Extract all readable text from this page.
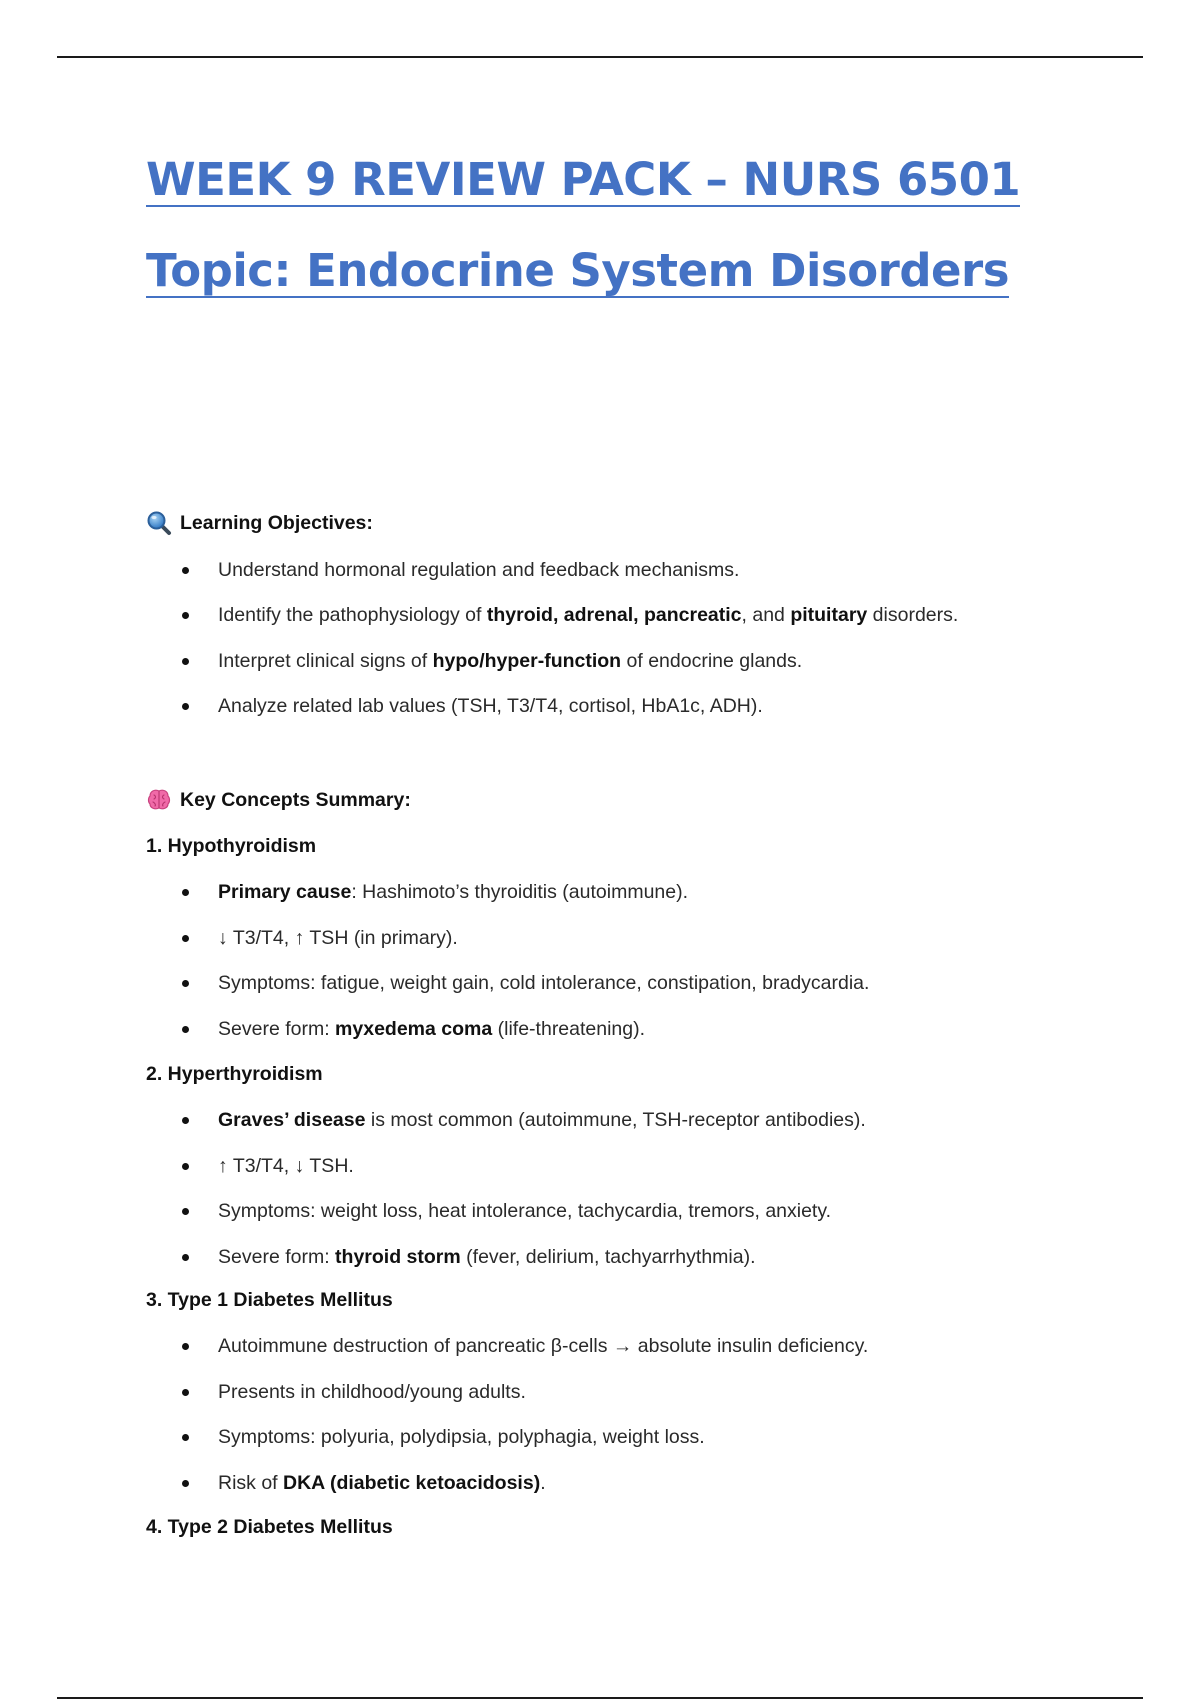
WEEK 9 REVIEW PACK – NURS 6501
Topic: Endocrine System Disorders
Learning Objectives:
Understand hormonal regulation and feedback mechanisms.
Identify the pathophysiology of thyroid, adrenal, pancreatic, and pituitary disorders.
Interpret clinical signs of hypo/hyper-function of endocrine glands.
Analyze related lab values (TSH, T3/T4, cortisol, HbA1c, ADH).
Key Concepts Summary:
1. Hypothyroidism
Primary cause: Hashimoto’s thyroiditis (autoimmune).
↓ T3/T4, ↑ TSH (in primary).
Symptoms: fatigue, weight gain, cold intolerance, constipation, bradycardia.
Severe form: myxedema coma (life-threatening).
2. Hyperthyroidism
Graves’ disease is most common (autoimmune, TSH-receptor antibodies).
↑ T3/T4, ↓ TSH.
Symptoms: weight loss, heat intolerance, tachycardia, tremors, anxiety.
Severe form: thyroid storm (fever, delirium, tachyarrhythmia).
3. Type 1 Diabetes Mellitus
Autoimmune destruction of pancreatic β-cells → absolute insulin deficiency.
Presents in childhood/young adults.
Symptoms: polyuria, polydipsia, polyphagia, weight loss.
Risk of DKA (diabetic ketoacidosis).
4. Type 2 Diabetes Mellitus
